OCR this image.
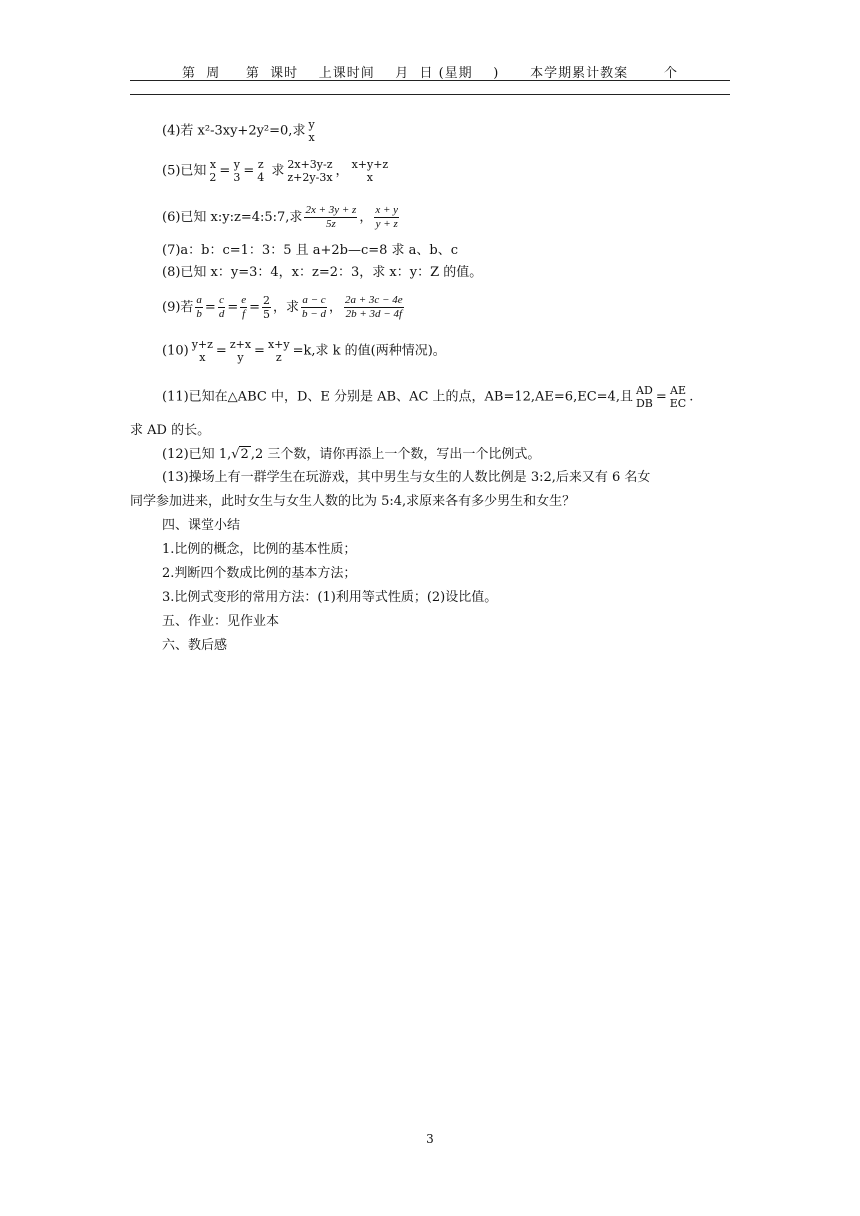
第  周     第  课时    上课时间    月  日 (星期    )      本学期累计教案       个
(4)若 x²-3xy+2y²=0,求 y
x
(5)已知 x
2 = y
3 = z
4 求 2x+3y-z
z+2y-3x ， x+y+z
x
(6)已知 x:y:z=4:5:7,求 $\frac{2x + 3y + z}{5z}$ ， $\frac{x + y}{y + z}$
(7)a：b：c=1：3：5 且 a+2b—c=8 求 a、b、c
(8)已知 x：y=3：4，x：z=2：3，求 x：y：Z 的值。
(9)若 $\frac{a}{b} = \frac{c}{d} = \frac{e}{f} = \frac{2}{5}$ ，求 $\frac{a - c}{b - d}$ ， $\frac{2a + 3c - 4e}{2b + 3d - 4f}$
(10) y+z
x = z+x
y = x+y
z =k,求 k 的值(两种情况)。
(11)已知在△ABC 中，D、E 分别是 AB、AC 上的点，AB=12,AE=6,EC=4,且 AD
DB = AE
EC .
求 AD 的长。
(12)已知 1,√2 ,2 三个数，请你再添上一个数，写出一个比例式。
(13)操场上有一群学生在玩游戏，其中男生与女生的人数比例是 3:2,后来又有 6 名女
同学参加进来，此时女生与女生人数的比为 5:4,求原来各有多少男生和女生？
四、课堂小结
1.比例的概念，比例的基本性质；
2.判断四个数成比例的基本方法；
3.比例式变形的常用方法：(1)利用等式性质；(2)设比值。
五、作业：见作业本
六、教后感
3
